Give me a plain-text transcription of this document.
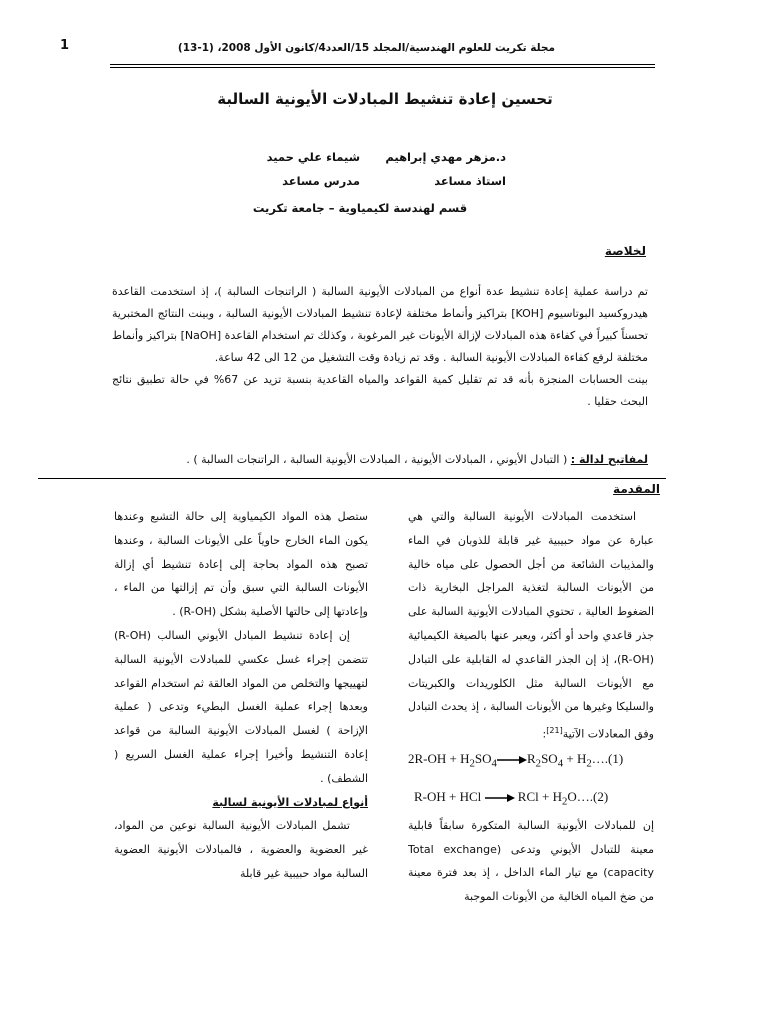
1	مجلة تكريت للعلوم الهندسية/المجلد 15/العدد4/كانون الأول 2008، (1-13)
تحسين إعادة تنشيط المبادلات الأيونية السالبة
د.مزهر مهدي إبراهيم
استاذ مساعد
شيماء علي حميد
مدرس مساعد
قسم لهندسة لكيمياوية – جامعة تكريت
لخلاصة

تم دراسة عملية إعادة تنشيط عدة أنواع من المبادلات الأيونية السالبة ( الراتنجات السالبة )، إذ استخدمت القاعدة هيدروكسيد البوتاسيوم [KOH] بتراكيز وأنماط مختلفة لإعادة تنشيط المبادلات الأيونية السالبة ، وبينت النتائج المختبرية تحسناً كبيراً في كفاءة هذه المبادلات لإزالة الأيونات غير المرغوبة ، وكذلك تم استخدام القاعدة [NaOH] بتراكيز وأنماط مختلفة لرفع كفاءة المبادلات الأيونية السالبة . وقد تم زيادة وقت التشغيل من 12 الى 42 ساعة.

بينت الحسابات المنجزة بأنه قد تم تقليل كمية القواعد والمياه القاعدية بنسبة تزيد عن 67% في حالة تطبيق نتائج البحث حقليا .

لمفاتيح لدالة : ( التبادل الأيوني ، المبادلات الأيونية ، المبادلات الأيونية السالبة ، الراتنجات السالبة ) .
المقدمة

استخدمت المبادلات الأيونية السالبة والتي هي عبارة عن مواد حبيبية غير قابلة للذوبان في الماء والمذيبات الشائعة من أجل الحصول على مياه خالية من الأيونات السالبة لتغذية المراجل البخارية ذات الضغوط العالية ، تحتوي المبادلات الأيونية السالبة على جذر قاعدي واحد أو أكثر، ويعبر عنها بالصيغة الكيميائية (R-OH)، إذ إن الجذر القاعدي له القابلية على التبادل مع الأيونات السالبة مثل الكلوريدات والكبريتات والسليكا وغيرها من الأيونات السالبة ، إذ يحدث التبادل وفق المعادلات الآتية[21]:

$2R-OH + H_2SO_4\to R_2SO_4$ + $H_2\dots.(1)$

R-OH + HCl → RCl + $H_2O\dots.(2)$

إن للمبادلات الأيونية السالبة المتكورة سابقاً قابلية معينة للتبادل الأيوني وتدعى (Total exchange capacity) مع تيار الماء الداخل ، إذ بعد فترة معينة من ضخ المياه الخالية من الأيونات الموجبة

ستصل هذه المواد الكيمياوية إلى حالة التشبع وعندها يكون الماء الخارج حاوياً على الأيونات السالبة ، وعندها تصبح هذه المواد بحاجة إلى إعادة تنشيط أي إزالة الأيونات السالبة التي سبق وأن تم إزالتها من الماء ، وإعادتها إلى حالتها الأصلية بشكل (R-OH) .

إن إعادة تنشيط المبادل الأيوني السالب (R-OH) تتضمن إجراء غسل عكسي للمبادلات الأيونية السالبة لتهييجها والتخلص من المواد العالقة ثم استخدام القواعد وبعدها إجراء عملية الغسل البطيء وتدعى ( عملية الإزاحة ) لغسل المبادلات الأيونية السالبة من قواعد إعادة التنشيط وأخيرا إجراء عملية الغسل السريع ( الشطف) .

أنواع لمبادلات الأيونية لسالبة

تشمل المبادلات الأيونية السالبة نوعين من المواد، غير العضوية والعضوية ، فالمبادلات الأيونية العضوية السالبة مواد حبيبية غير قابلة
